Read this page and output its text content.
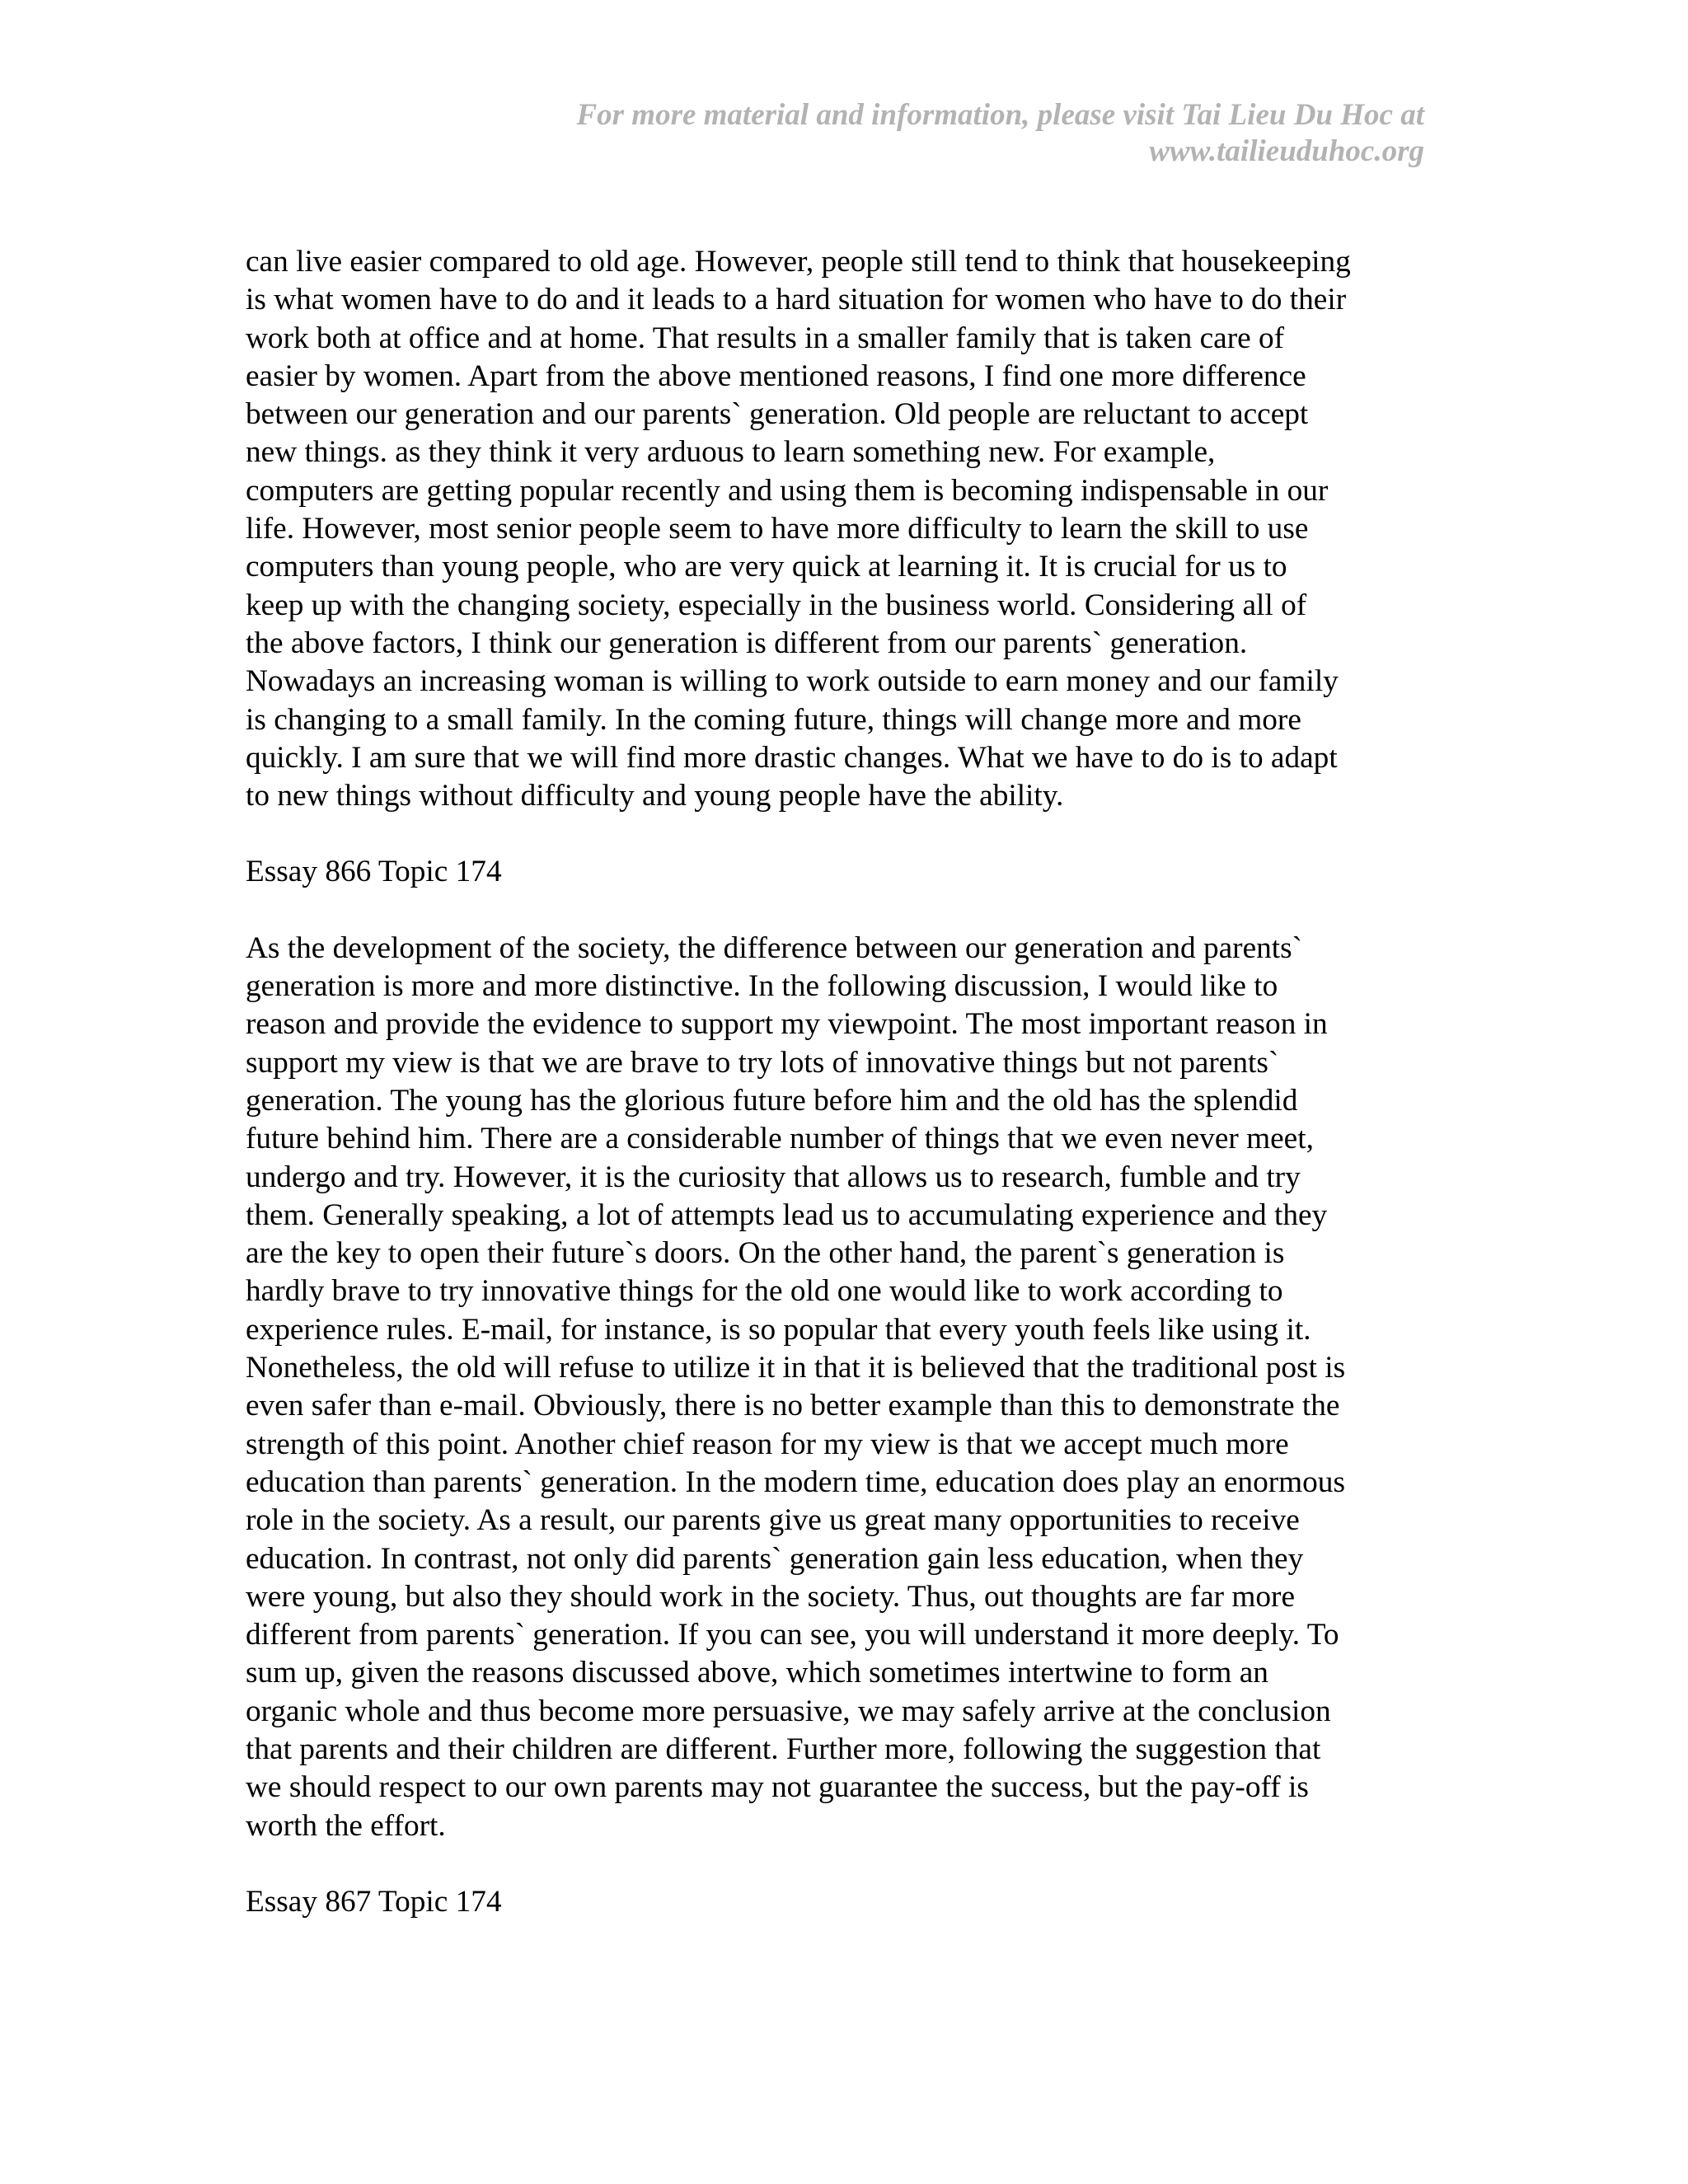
For more material and information, please visit Tai Lieu Du Hoc at
www.tailieuduhoc.org

can live easier compared to old age. However, people still tend to think that housekeeping
is what women have to do and it leads to a hard situation for women who have to do their
work both at office and at home. That results in a smaller family that is taken care of
easier by women. Apart from the above mentioned reasons, I find one more difference
between our generation and our parents` generation. Old people are reluctant to accept
new things. as they think it very arduous to learn something new. For example,
computers are getting popular recently and using them is becoming indispensable in our
life. However, most senior people seem to have more difficulty to learn the skill to use
computers than young people, who are very quick at learning it. It is crucial for us to
keep up with the changing society, especially in the business world. Considering all of
the above factors, I think our generation is different from our parents` generation.
Nowadays an increasing woman is willing to work outside to earn money and our family
is changing to a small family. In the coming future, things will change more and more
quickly. I am sure that we will find more drastic changes. What we have to do is to adapt
to new things without difficulty and young people have the ability.

Essay 866 Topic 174

As the development of the society, the difference between our generation and parents`
generation is more and more distinctive. In the following discussion, I would like to
reason and provide the evidence to support my viewpoint. The most important reason in
support my view is that we are brave to try lots of innovative things but not parents`
generation. The young has the glorious future before him and the old has the splendid
future behind him. There are a considerable number of things that we even never meet,
undergo and try. However, it is the curiosity that allows us to research, fumble and try
them. Generally speaking, a lot of attempts lead us to accumulating experience and they
are the key to open their future`s doors. On the other hand, the parent`s generation is
hardly brave to try innovative things for the old one would like to work according to
experience rules. E-mail, for instance, is so popular that every youth feels like using it.
Nonetheless, the old will refuse to utilize it in that it is believed that the traditional post is
even safer than e-mail. Obviously, there is no better example than this to demonstrate the
strength of this point. Another chief reason for my view is that we accept much more
education than parents` generation. In the modern time, education does play an enormous
role in the society. As a result, our parents give us great many opportunities to receive
education. In contrast, not only did parents` generation gain less education, when they
were young, but also they should work in the society. Thus, out thoughts are far more
different from parents` generation. If you can see, you will understand it more deeply. To
sum up, given the reasons discussed above, which sometimes intertwine to form an
organic whole and thus become more persuasive, we may safely arrive at the conclusion
that parents and their children are different. Further more, following the suggestion that
we should respect to our own parents may not guarantee the success, but the pay-off is
worth the effort.

Essay 867 Topic 174
